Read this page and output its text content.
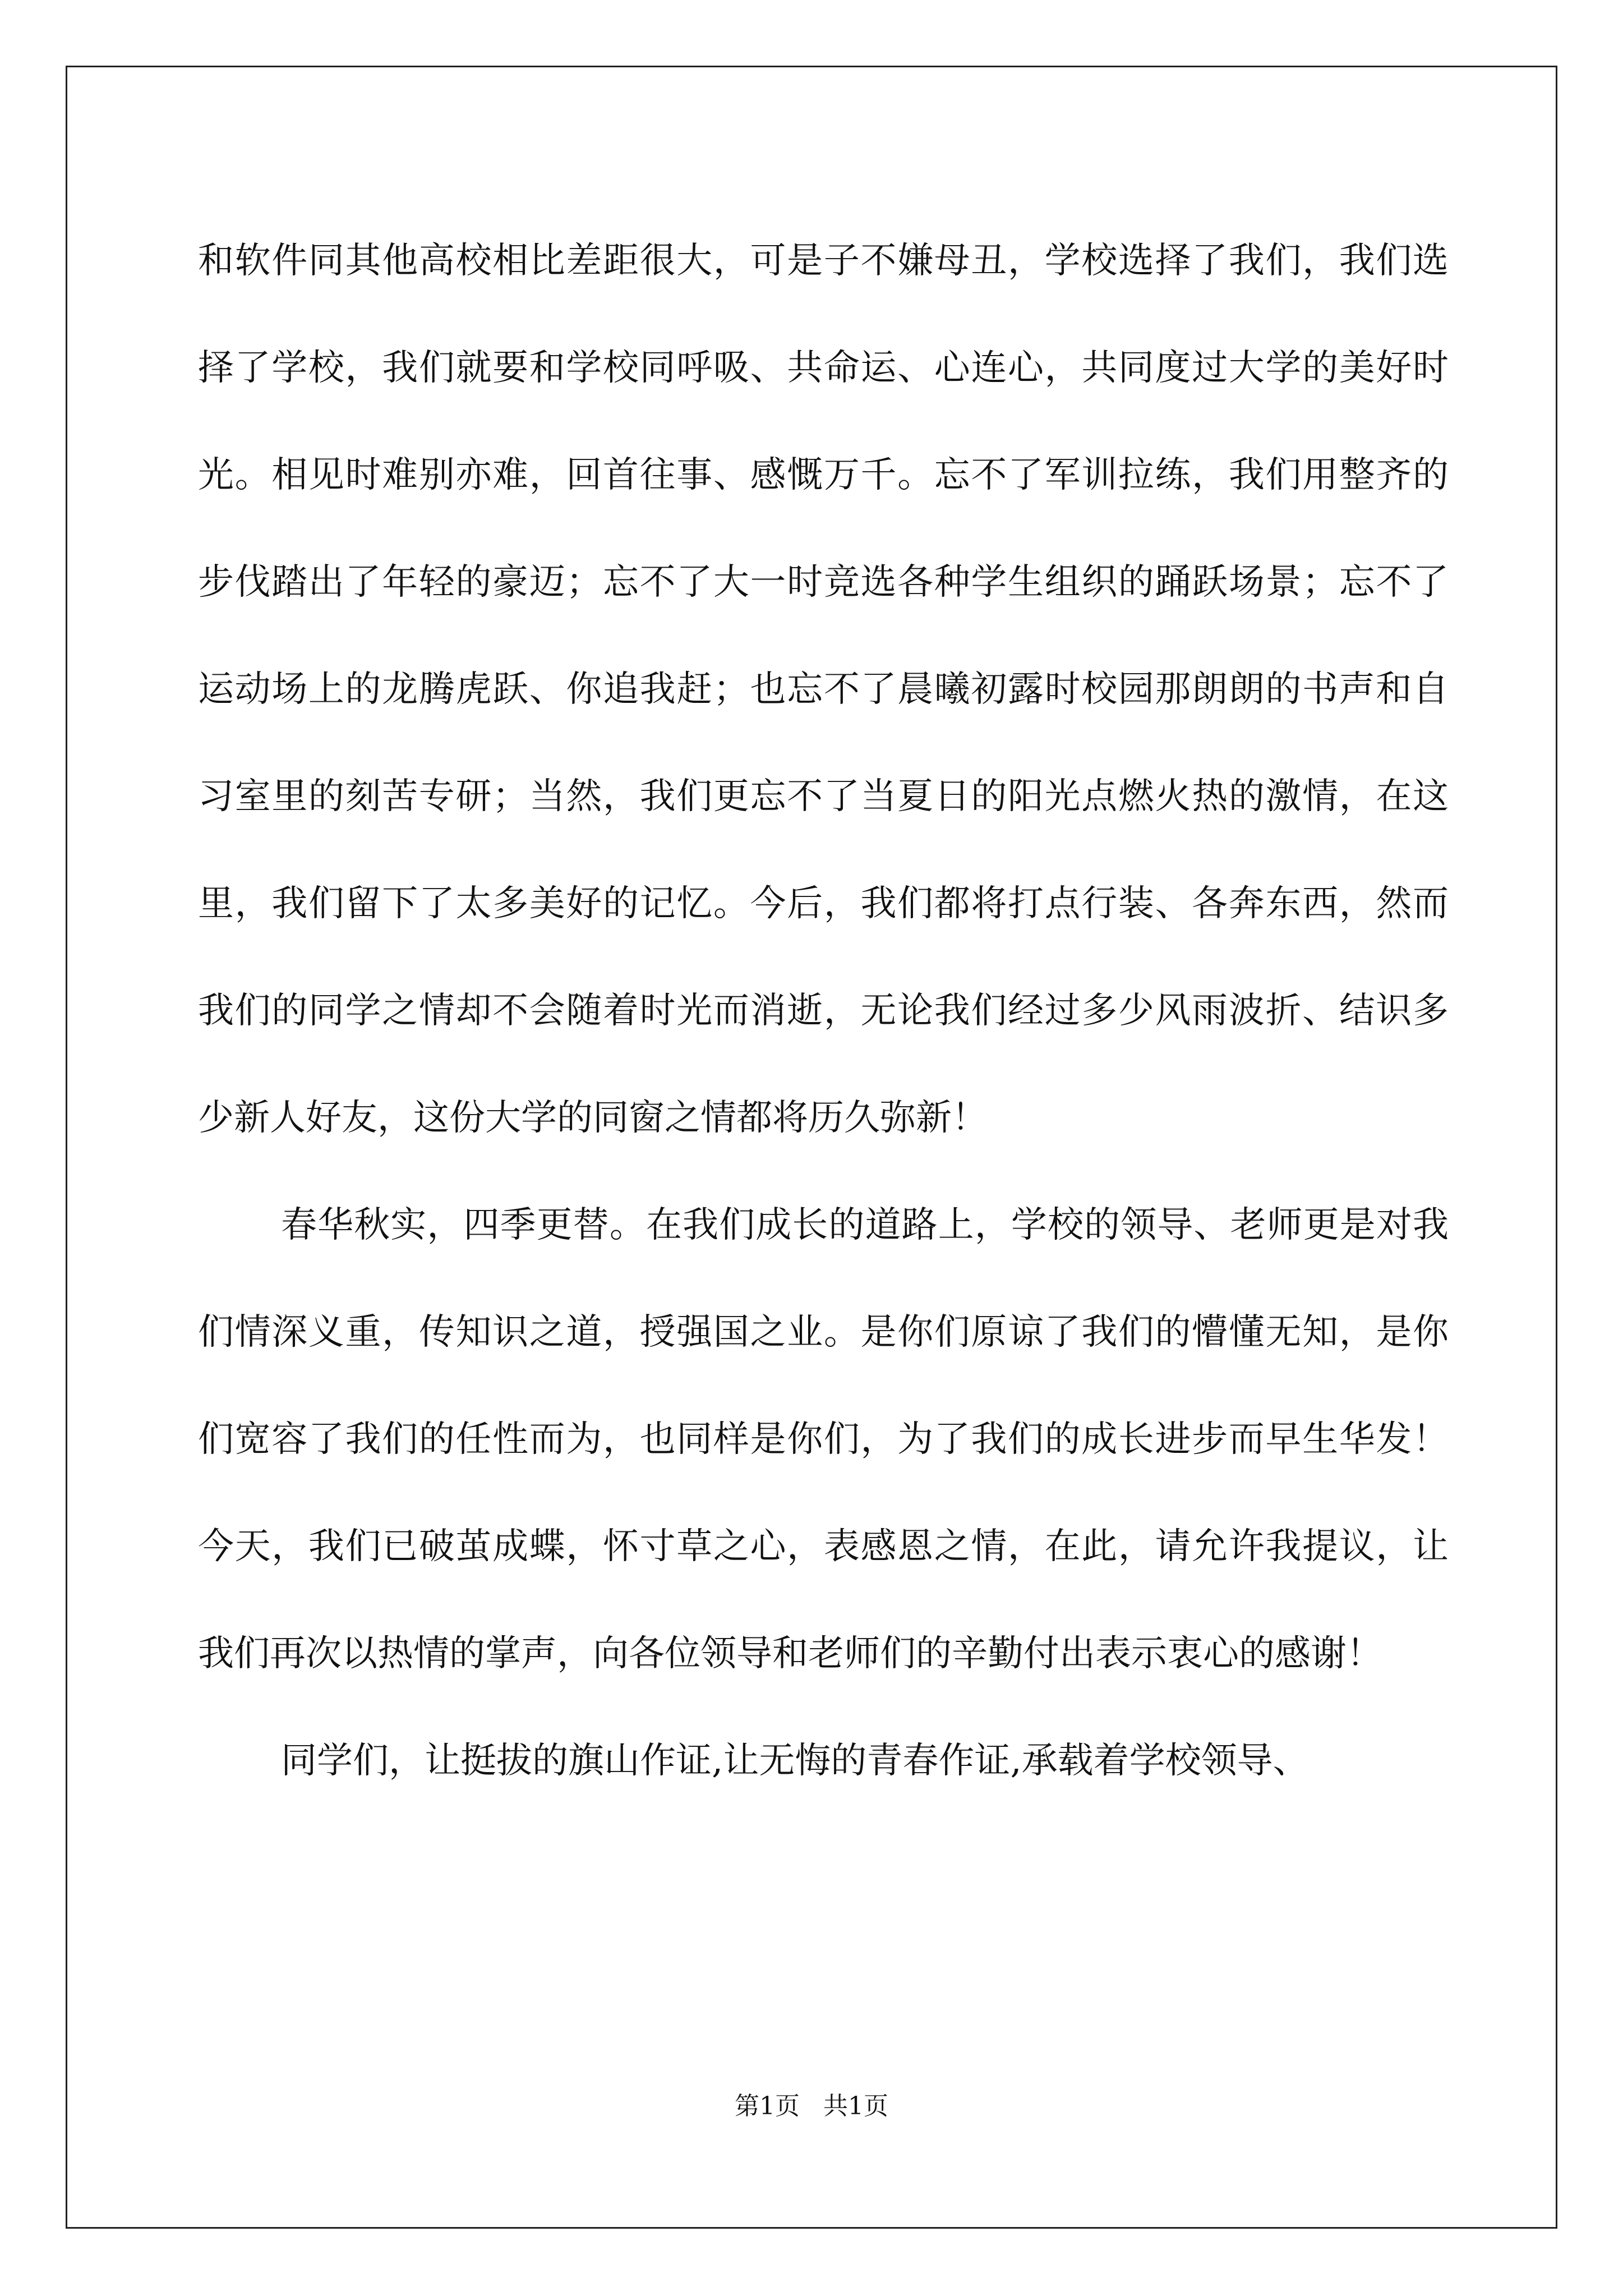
和软件同其他高校相比差距很大，可是子不嫌母丑，学校选择了我们，我们选择了学校，我们就要和学校同呼吸、共命运、心连心，共同度过大学的美好时光。相见时难别亦难，回首往事、感慨万千。忘不了军训拉练，我们用整齐的步伐踏出了年轻的豪迈；忘不了大一时竞选各种学生组织的踊跃场景；忘不了运动场上的龙腾虎跃、你追我赶；也忘不了晨曦初露时校园那朗朗的书声和自习室里的刻苦专研；当然，我们更忘不了当夏日的阳光点燃火热的激情，在这里，我们留下了太多美好的记忆。今后，我们都将打点行装、各奔东西，然而我们的同学之情却不会随着时光而消逝，无论我们经过多少风雨波折、结识多少新人好友，这份大学的同窗之情都将历久弥新！

春华秋实，四季更替。在我们成长的道路上，学校的领导、老师更是对我们情深义重，传知识之道，授强国之业。是你们原谅了我们的懵懂无知，是你们宽容了我们的任性而为，也同样是你们，为了我们的成长进步而早生华发！今天，我们已破茧成蝶，怀寸草之心，表感恩之情，在此，请允许我提议，让我们再次以热情的掌声，向各位领导和老师们的辛勤付出表示衷心的感谢！

同学们，让挺拔的旗山作证,让无悔的青春作证,承载着学校领导、

第1页   共1页
